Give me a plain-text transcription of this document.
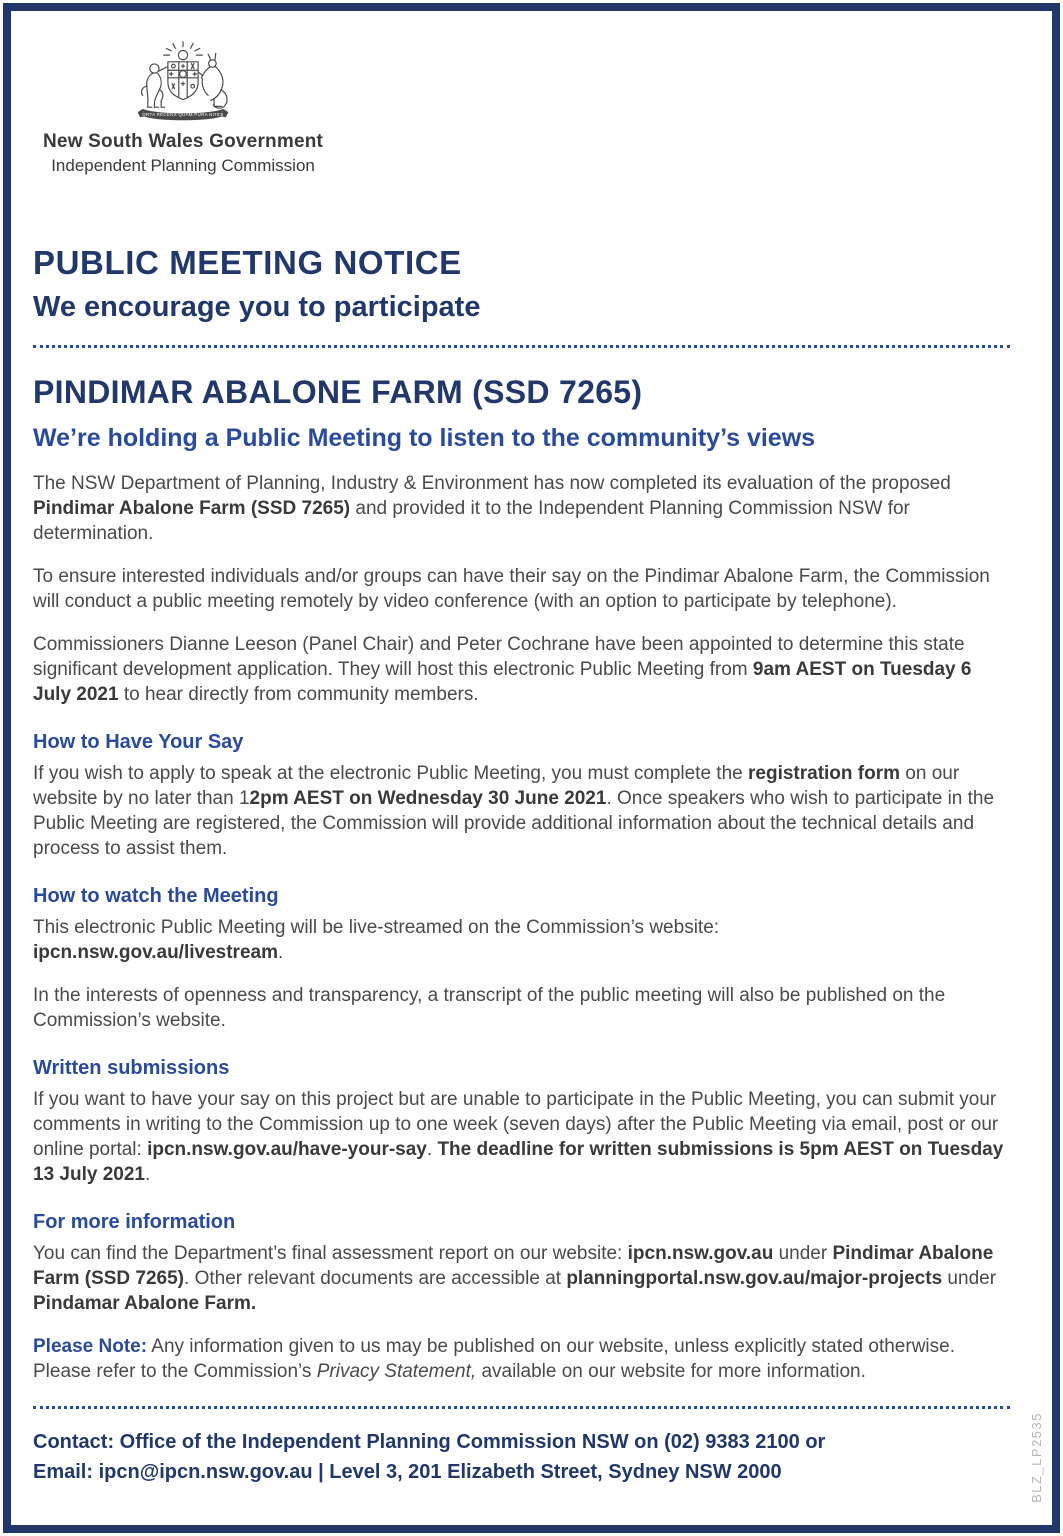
ORTA RECENS QUAM PURA NITES
New South Wales Government
Independent Planning Commission
PUBLIC MEETING NOTICE
We encourage you to participate
PINDIMAR ABALONE FARM (SSD 7265)
We’re holding a Public Meeting to listen to the community’s views

The NSW Department of Planning, Industry & Environment has now completed its evaluation of the proposed Pindimar Abalone Farm (SSD 7265) and provided it to the Independent Planning Commission NSW for determination.

To ensure interested individuals and/or groups can have their say on the Pindimar Abalone Farm, the Commission will conduct a public meeting remotely by video conference (with an option to participate by telephone).

Commissioners Dianne Leeson (Panel Chair) and Peter Cochrane have been appointed to determine this state significant development application. They will host this electronic Public Meeting from 9am AEST on Tuesday 6 July 2021 to hear directly from community members.

How to Have Your Say

If you wish to apply to speak at the electronic Public Meeting, you must complete the registration form on our website by no later than 12pm AEST on Wednesday 30 June 2021. Once speakers who wish to participate in the Public Meeting are registered, the Commission will provide additional information about the technical details and process to assist them.

How to watch the Meeting

This electronic Public Meeting will be live-streamed on the Commission’s website:
ipcn.nsw.gov.au/livestream.

In the interests of openness and transparency, a transcript of the public meeting will also be published on the Commission’s website.

Written submissions

If you want to have your say on this project but are unable to participate in the Public Meeting, you can submit your comments in writing to the Commission up to one week (seven days) after the Public Meeting via email, post or our online portal: ipcn.nsw.gov.au/have-your-say. The deadline for written submissions is 5pm AEST on Tuesday 13 July 2021.

For more information

You can find the Department’s final assessment report on our website: ipcn.nsw.gov.au under Pindimar Abalone Farm (SSD 7265). Other relevant documents are accessible at planningportal.nsw.gov.au/major-projects under Pindamar Abalone Farm.

Please Note: Any information given to us may be published on our website, unless explicitly stated otherwise. Please refer to the Commission’s Privacy Statement, available on our website for more information.

Contact: Office of the Independent Planning Commission NSW on (02) 9383 2100 or
Email: ipcn@ipcn.nsw.gov.au | Level 3, 201 Elizabeth Street, Sydney NSW 2000	BLZ_LP2535
